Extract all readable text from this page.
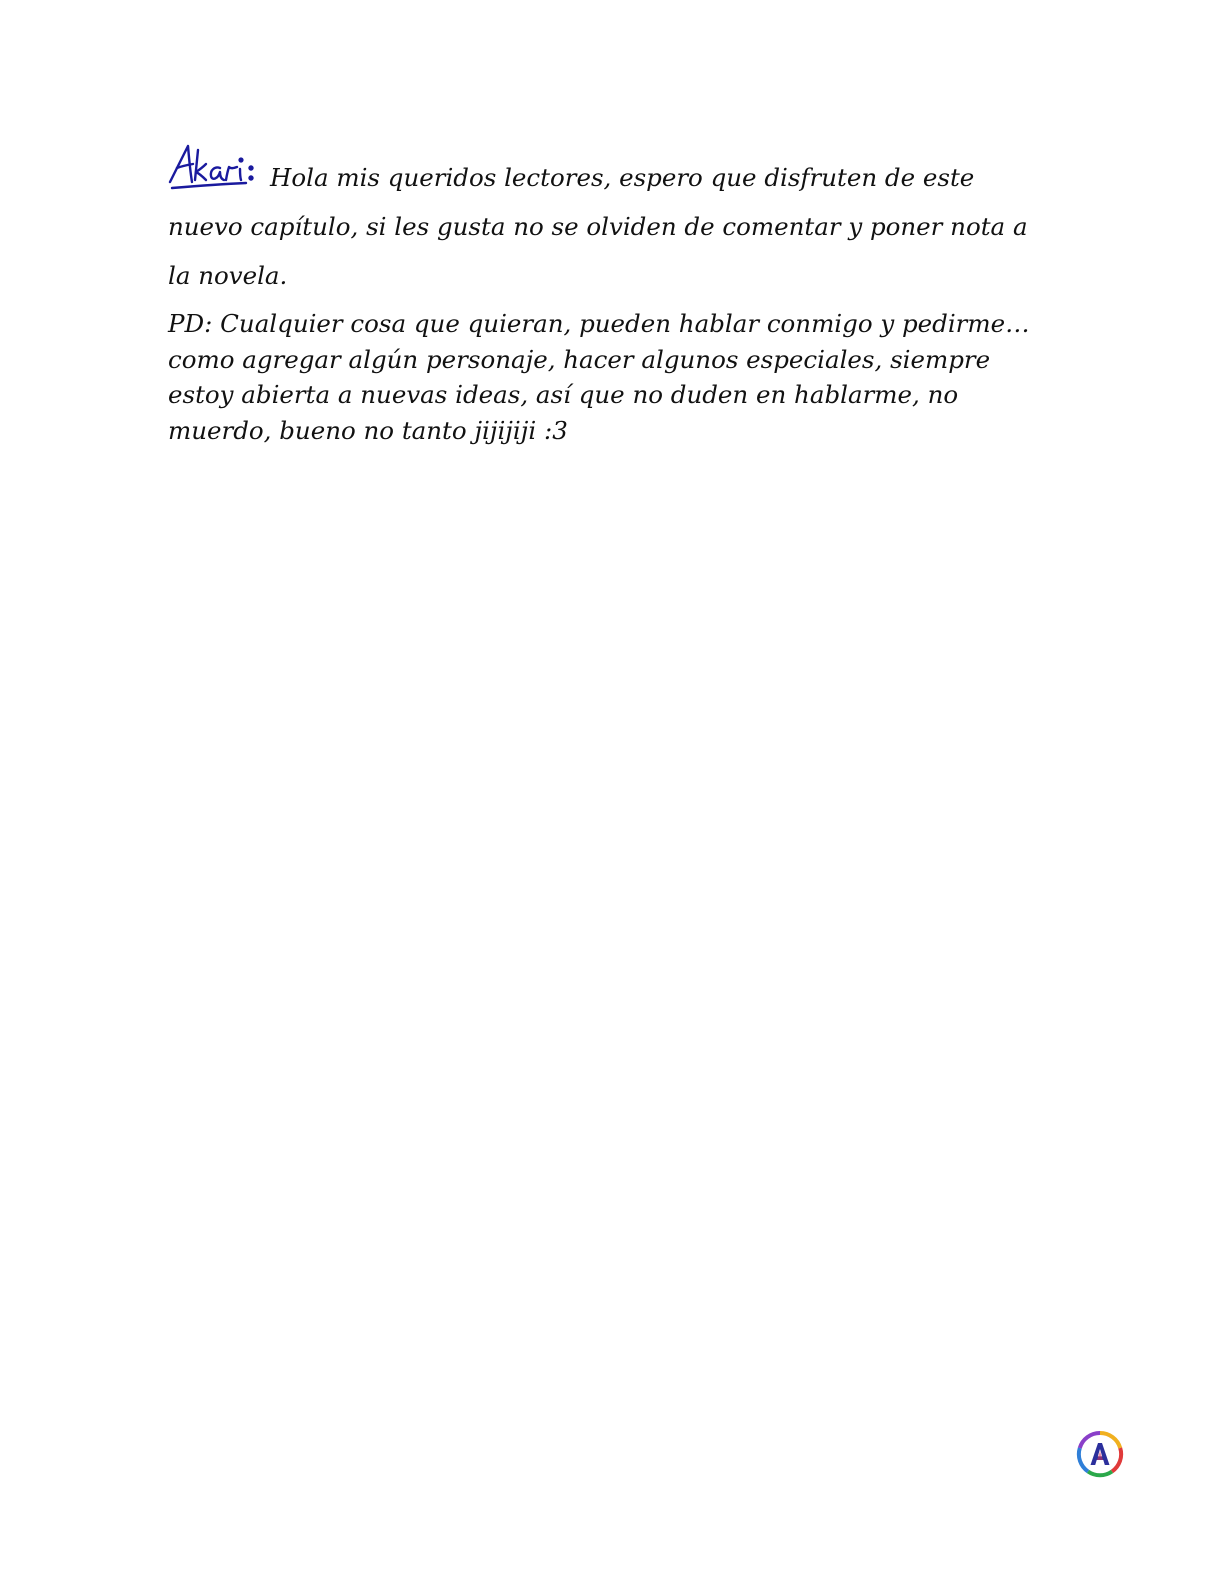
Hola mis queridos lectores, espero que disfruten de este nuevo capítulo, si les gusta no se olviden de comentar y poner nota a la novela.

PD: Cualquier cosa que quieran, pueden hablar conmigo y pedirme… como agregar algún personaje, hacer algunos especiales, siempre estoy abierta a nuevas ideas, así que no duden en hablarme, no muerdo, bueno no tanto jijijiji :3
